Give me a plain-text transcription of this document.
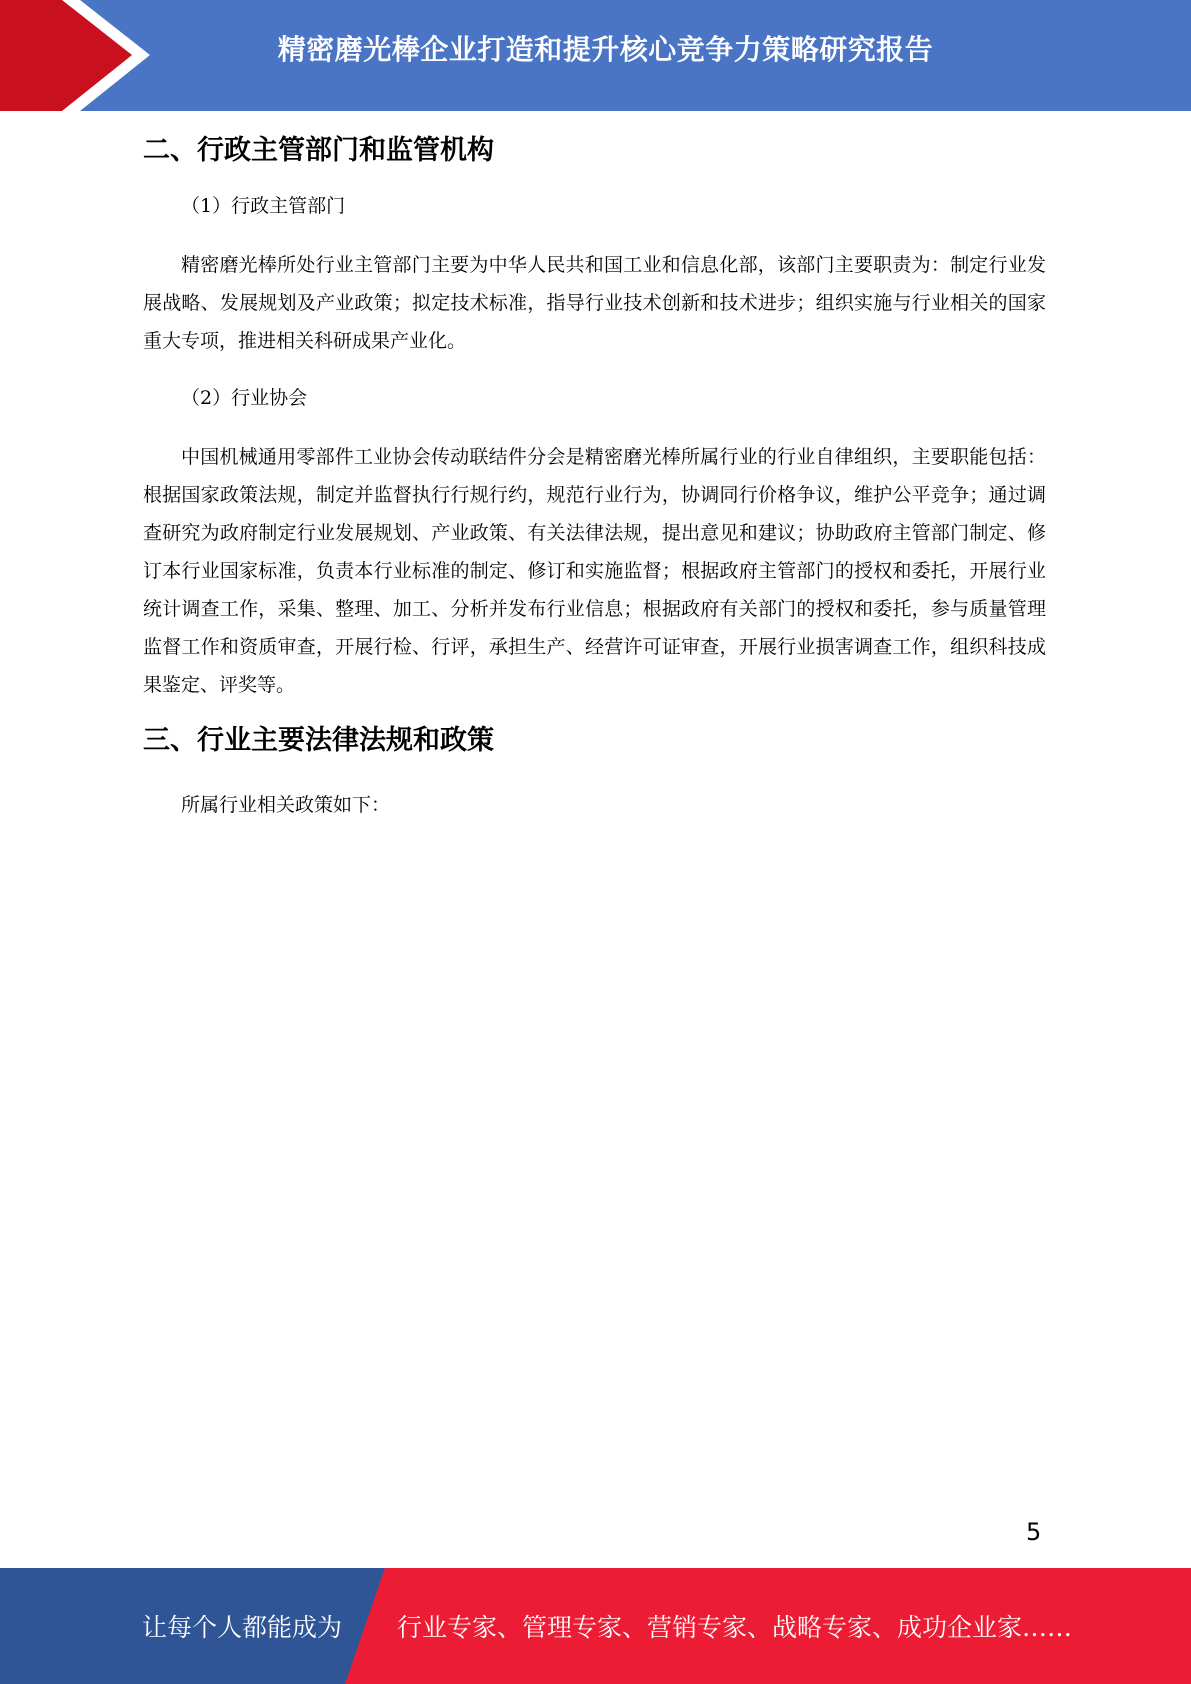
精密磨光棒企业打造和提升核心竞争力策略研究报告
二、行政主管部门和监管机构

（1）行政主管部门

精密磨光棒所处行业主管部门主要为中华人民共和国工业和信息化部，该部门主要职责为：制定行业发展战略、发展规划及产业政策；拟定技术标准，指导行业技术创新和技术进步；组织实施与行业相关的国家重大专项，推进相关科研成果产业化。

（2）行业协会

中国机械通用零部件工业协会传动联结件分会是精密磨光棒所属行业的行业自律组织，主要职能包括：根据国家政策法规，制定并监督执行行规行约，规范行业行为，协调同行价格争议，维护公平竞争；通过调查研究为政府制定行业发展规划、产业政策、有关法律法规，提出意见和建议；协助政府主管部门制定、修订本行业国家标准，负责本行业标准的制定、修订和实施监督；根据政府主管部门的授权和委托，开展行业统计调查工作，采集、整理、加工、分析并发布行业信息；根据政府有关部门的授权和委托，参与质量管理监督工作和资质审查，开展行检、行评，承担生产、经营许可证审查，开展行业损害调查工作，组织科技成果鉴定、评奖等。

三、行业主要法律法规和政策

所属行业相关政策如下：

5
让每个人都能成为 行业专家、管理专家、营销专家、战略专家、成功企业家……
